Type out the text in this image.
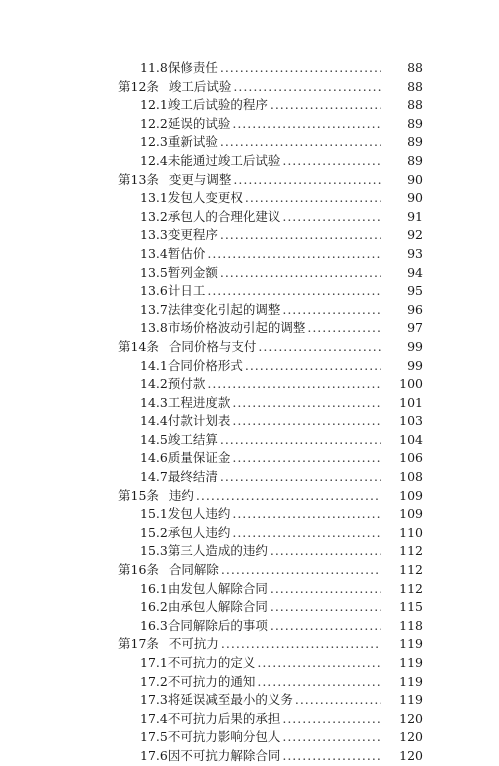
11.8 保修责任 .....	88
第12条 竣工后试验 .....	88
12.1 竣工后试验的程序 .....	88
12.2 延误的试验 .....	89
12.3 重新试验 .....	89
12.4 未能通过竣工后试验 .....	89
第13条 变更与调整 .....	90
13.1 发包人变更权 .....	90
13.2 承包人的合理化建议 .....	91
13.3 变更程序 .....	92
13.4 暂估价 .....	93
13.5 暂列金额 .....	94
13.6 计日工 .....	95
13.7 法律变化引起的调整 .....	96
13.8 市场价格波动引起的调整 .....	97
第14条 合同价格与支付 .....	99
14.1 合同价格形式 .....	99
14.2 预付款 .....	100
14.3 工程进度款 .....	101
14.4 付款计划表 .....	103
14.5 竣工结算 .....	104
14.6 质量保证金 .....	106
14.7 最终结清 .....	108
第15条 违约 .....	109
15.1 发包人违约 .....	109
15.2 承包人违约 .....	110
15.3 第三人造成的违约 .....	112
第16条 合同解除 .....	112
16.1 由发包人解除合同 .....	112
16.2 由承包人解除合同 .....	115
16.3 合同解除后的事项 .....	118
第17条 不可抗力 .....	119
17.1 不可抗力的定义 .....	119
17.2 不可抗力的通知 .....	119
17.3 将延误减至最小的义务 .....	119
17.4 不可抗力后果的承担 .....	120
17.5 不可抗力影响分包人 .....	120
17.6 因不可抗力解除合同 .....	120
